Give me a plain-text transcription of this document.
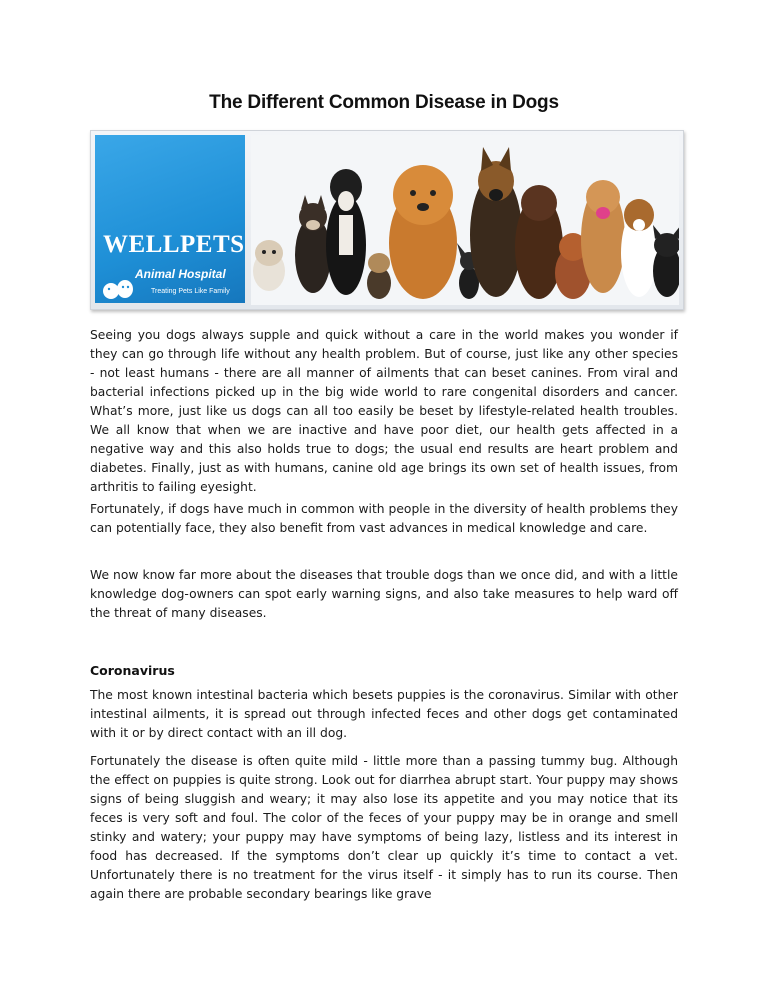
The Different Common Disease in Dogs
WELLPETS
Animal Hospital
Treating Pets Like Family

Seeing you dogs always supple and quick without a care in the world makes you wonder if they can go through life without any health problem. But of course, just like any other species - not least humans - there are all manner of ailments that can beset canines. From viral and bacterial infections picked up in the big wide world to rare congenital disorders and cancer. What’s more, just like us dogs can all too easily be beset by lifestyle-related health troubles. We all know that when we are inactive and have poor diet, our health gets affected in a negative way and this also holds true to dogs; the usual end results are heart problem and diabetes. Finally, just as with humans, canine old age brings its own set of health issues, from arthritis to failing eyesight.

Fortunately, if dogs have much in common with people in the diversity of health problems they can potentially face, they also benefit from vast advances in medical knowledge and care.

We now know far more about the diseases that trouble dogs than we once did, and with a little knowledge dog-owners can spot early warning signs, and also take measures to help ward off the threat of many diseases.

Coronavirus

The most known intestinal bacteria which besets puppies is the coronavirus. Similar with other intestinal ailments, it is spread out through infected feces and other dogs get contaminated with it or by direct contact with an ill dog.

Fortunately the disease is often quite mild - little more than a passing tummy bug. Although the effect on puppies is quite strong. Look out for diarrhea abrupt start. Your puppy may shows signs of being sluggish and weary; it may also lose its appetite and you may notice that its feces is very soft and foul. The color of the feces of your puppy may be in orange and smell stinky and watery; your puppy may have symptoms of being lazy, listless and its interest in food has decreased. If the symptoms don’t clear up quickly it’s time to contact a vet. Unfortunately there is no treatment for the virus itself - it simply has to run its course. Then again there are probable secondary bearings like grave
